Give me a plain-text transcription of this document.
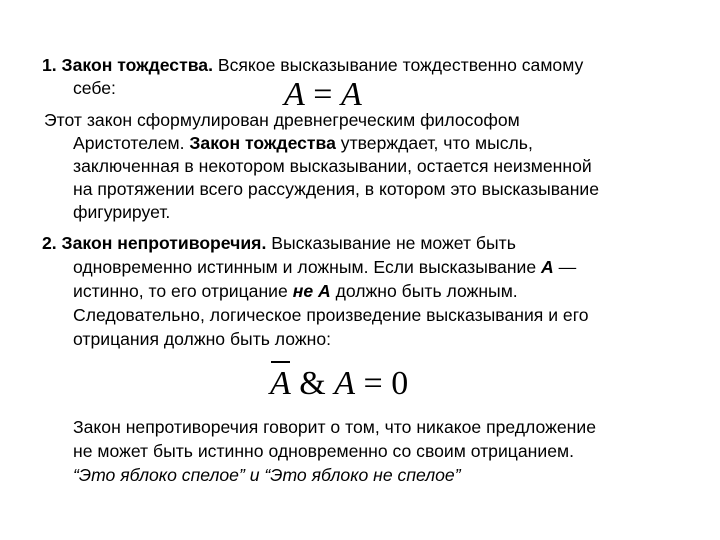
1. Закон тождества. Всякое высказывание тождественно самому
себе:	A = A
Этот закон сформулирован древнегреческим философом
Аристотелем. Закон тождества утверждает, что мысль,
заключенная в некотором высказывании, остается неизменной
на протяжении всего рассуждения, в котором это высказывание
фигурирует.
2. Закон непротиворечия. Высказывание не может быть
одновременно истинным и ложным. Если высказывание А —
истинно, то его отрицание не А должно быть ложным.
Следовательно, логическое произведение высказывания и его
отрицания должно быть ложно:
A & A = 0
Закон непротиворечия говорит о том, что никакое предложение
не может быть истинно одновременно со своим отрицанием.
“Это яблоко спелое” и “Это яблоко не спелое”
